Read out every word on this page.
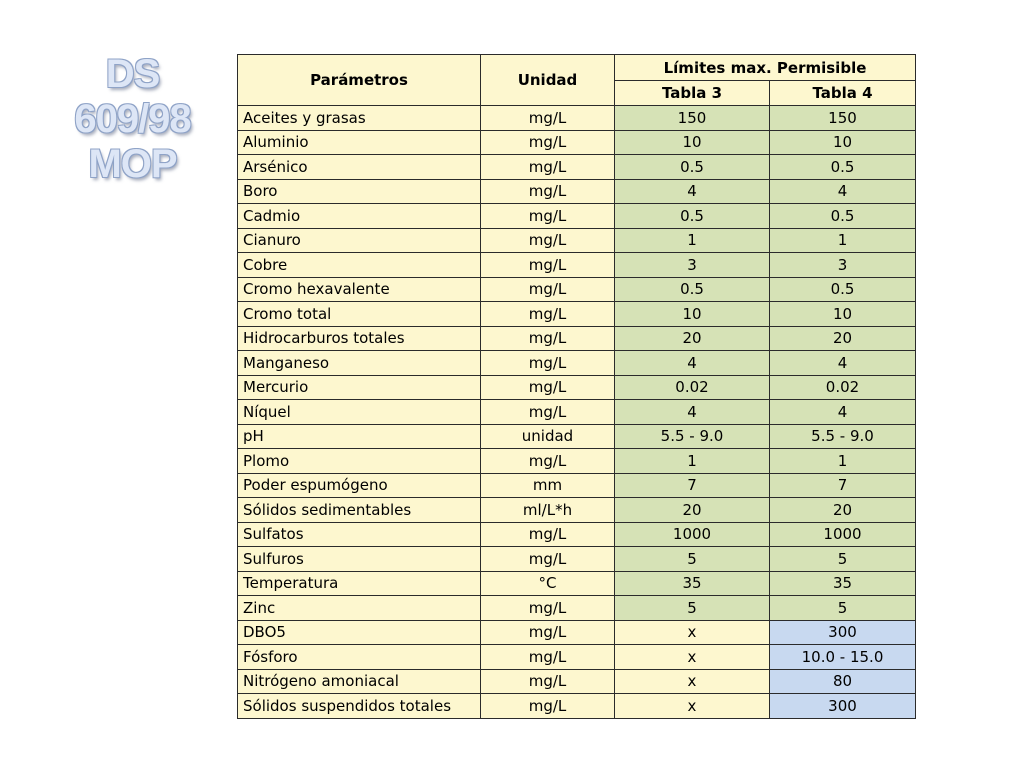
DS
609/98
MOP
Parámetros	Unidad	Límites max. Permisible	
		Tabla 3	Tabla 4
Aceites y grasas	mg/L	150	150
Aluminio	mg/L	10	10
Arsénico	mg/L	0.5	0.5
Boro	mg/L	4	4
Cadmio	mg/L	0.5	0.5
Cianuro	mg/L	1	1
Cobre	mg/L	3	3
Cromo hexavalente	mg/L	0.5	0.5
Cromo total	mg/L	10	10
Hidrocarburos totales	mg/L	20	20
Manganeso	mg/L	4	4
Mercurio	mg/L	0.02	0.02
Níquel	mg/L	4	4
pH	unidad	5.5 - 9.0	5.5 - 9.0
Plomo	mg/L	1	1
Poder espumógeno	mm	7	7
Sólidos sedimentables	ml/L*h	20	20
Sulfatos	mg/L	1000	1000
Sulfuros	mg/L	5	5
Temperatura	°C	35	35
Zinc	mg/L	5	5
DBO5	mg/L	x	300
Fósforo	mg/L	x	10.0 - 15.0
Nitrógeno amoniacal	mg/L	x	80
Sólidos suspendidos totales	mg/L	x	300
